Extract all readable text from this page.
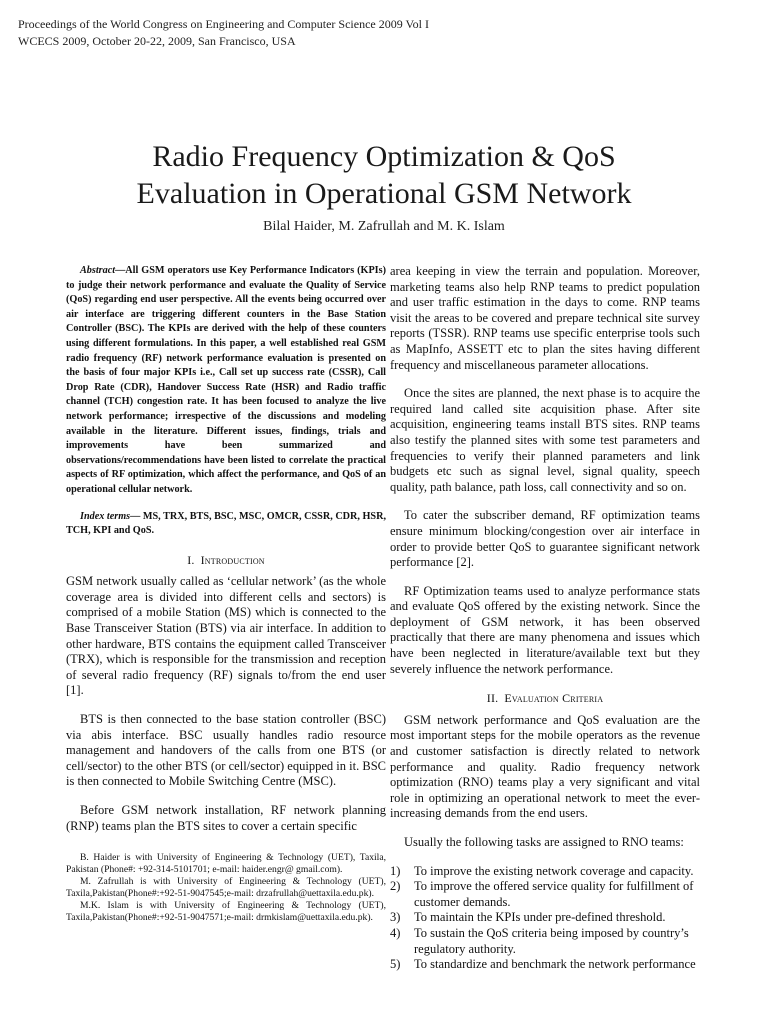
Proceedings of the World Congress on Engineering and Computer Science 2009 Vol I
WCECS 2009, October 20-22, 2009, San Francisco, USA
Radio Frequency Optimization & QoS
Evaluation in Operational GSM Network
Bilal Haider, M. Zafrullah and M. K. Islam

Abstract—All GSM operators use Key Performance Indicators (KPIs) to judge their network performance and evaluate the Quality of Service (QoS) regarding end user perspective. All the events being occurred over air interface are triggering different counters in the Base Station Controller (BSC). The KPIs are derived with the help of these counters using different formulations. In this paper, a well established real GSM radio frequency (RF) network performance evaluation is presented on the basis of four major KPIs i.e., Call set up success rate (CSSR), Call Drop Rate (CDR), Handover Success Rate (HSR) and Radio traffic channel (TCH) congestion rate. It has been focused to analyze the live network performance; irrespective of the discussions and modeling available in the literature. Different issues, findings, trials and improvements have been summarized and observations/recommendations have been listed to correlate the practical aspects of RF optimization, which affect the performance, and QoS of an operational cellular network.

Index terms— MS, TRX, BTS, BSC, MSC, OMCR, CSSR, CDR, HSR, TCH, KPI and QoS.

I. Introduction

GSM network usually called as ‘cellular network’ (as the whole coverage area is divided into different cells and sectors) is comprised of a mobile Station (MS) which is connected to the Base Transceiver Station (BTS) via air interface. In addition to other hardware, BTS contains the equipment called Transceiver (TRX), which is responsible for the transmission and reception of several radio frequency (RF) signals to/from the end user [1].

BTS is then connected to the base station controller (BSC) via abis interface. BSC usually handles radio resource management and handovers of the calls from one BTS (or cell/sector) to the other BTS (or cell/sector) equipped in it. BSC is then connected to Mobile Switching Centre (MSC).

Before GSM network installation, RF network planning (RNP) teams plan the BTS sites to cover a certain specific

B. Haider is with University of Engineering & Technology (UET), Taxila, Pakistan (Phone#: +92-314-5101701; e-mail: haider.engr@ gmail.com).

M. Zafrullah is with University of Engineering & Technology (UET), Taxila,Pakistan(Phone#:+92-51-9047545;e-mail: drzafrullah@uettaxila.edu.pk).

M.K. Islam is with University of Engineering & Technology (UET), Taxila,Pakistan(Phone#:+92-51-9047571;e-mail: drmkislam@uettaxila.edu.pk).

area keeping in view the terrain and population. Moreover, marketing teams also help RNP teams to predict population and user traffic estimation in the days to come. RNP teams visit the areas to be covered and prepare technical site survey reports (TSSR). RNP teams use specific enterprise tools such as MapInfo, ASSETT etc to plan the sites having different frequency and miscellaneous parameter allocations.

Once the sites are planned, the next phase is to acquire the required land called site acquisition phase. After site acquisition, engineering teams install BTS sites. RNP teams also testify the planned sites with some test parameters and frequencies to verify their planned parameters and link budgets etc such as signal level, signal quality, speech quality, path balance, path loss, call connectivity and so on.

To cater the subscriber demand, RF optimization teams ensure minimum blocking/congestion over air interface in order to provide better QoS to guarantee significant network performance [2].

RF Optimization teams used to analyze performance stats and evaluate QoS offered by the existing network. Since the deployment of GSM network, it has been observed practically that there are many phenomena and issues which have been neglected in literature/available text but they severely influence the network performance.

II. Evaluation Criteria

GSM network performance and QoS evaluation are the most important steps for the mobile operators as the revenue and customer satisfaction is directly related to network performance and quality. Radio frequency network optimization (RNO) teams play a very significant and vital role in optimizing an operational network to meet the ever-increasing demands from the end users.

Usually the following tasks are assigned to RNO teams:

1)	To improve the existing network coverage and capacity.
2)	To improve the offered service quality for fulfillment of customer demands.
3)	To maintain the KPIs under pre-defined threshold.
4)	To sustain the QoS criteria being imposed by country’s regulatory authority.
5)	To standardize and benchmark the network performance
